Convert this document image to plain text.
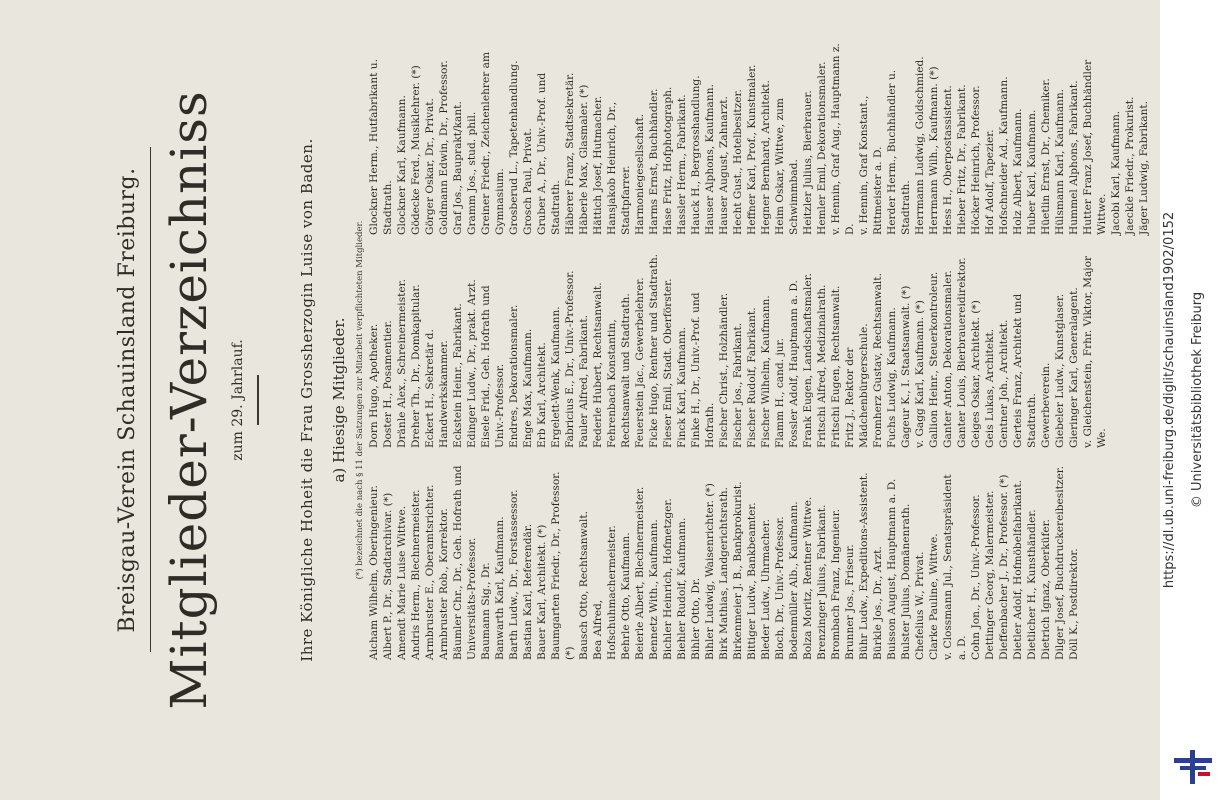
Breisgau-Verein Schauinsland Freiburg. Mitglieder-Verzeichniss zum 29. Jahrlauf.	Ihre Königliche Hoheit die Frau Grossherzogin Luise von Baden. a) Hiesige Mitglieder. (*) bezeichnet die nach § 11 der Satzungen zur Mitarbeit verpflichteten Mitglieder. Aicham Wilhelm, Oberingenieur. Albert P., Dr., Stadtarchivar. (*) Amendt Marie Luise Wittwe. Andris Herm., Blechnermeister. Armbruster E., Oberamtsrichter. Armbruster Rob., Korrektor. Bäumler Chr., Dr., Geh. Hofrath und Universitäts-Professor. Baumann Sig., Dr. Banwarth Karl, Kaufmann. Barth Ludw., Dr., Forstassessor. Bastian Karl, Referendär. Bauer Karl, Architekt. (*) Baumgarten Friedr., Dr., Professor. (*) Bausch Otto, Rechtsanwalt. Bea Alfred, Hofschuhmachermeister. Behrle Otto, Kaufmann. Beierle Albert, Blechnermeister. Bennetz With., Kaufmann. Bichler Heinrich, Hofmetzger. Biehler Rudolf, Kaufmann. Bihler Otto, Dr. Bihler Ludwig, Waisenrichter. (*) Birk Mathias, Landgerichtsrath. Birkenmeier J. B., Bankprokurist. Bittiger Ludw., Bankbeamter. Bleder Ludw., Uhrmacher. Bloch, Dr., Univ.-Professor. Bodenmüller Alb., Kaufmann. Bolza Moritz, Rentner Wittwe. Brenzinger Julius, Fabrikant. Brombach Franz, Ingenieur. Brunner Jos., Friseur. Bühr Ludw., Expeditions-Assistent. Bürkle Jos., Dr., Arzt. Buisson August, Hauptmann a. D. Bulster Julius, Domänenrath. Chefelius W., Privat. Clarke Pauline, Wittwe. v. Clossmann Jul., Senatspräsident a. D. Cohn Jon., Dr., Univ.-Professor. Dettinger Georg, Malermeister. Dieffenbacher J., Dr., Professor. (*) Dietler Adolf, Hofmöbelfabrikant. Dietlicher H., Kunsthändler. Dietrich Ignaz, Oberküfer. Dilger Josef, Buchdruckereibesitzer. Döll K., Postdirektor.
Dorn Hugo, Apotheker. Doster H., Posamentier. Dränle Alex., Schreinermeister. Dreher Th., Dr., Domkapitular. Eckert H., Sekretär d. Handwerkskammer. Eckstein Heinr., Fabrikant. Edinger Ludw., Dr., prakt. Arzt. Eisele Frid., Geh. Hofrath und Univ.-Professor. Endres, Dekorationsmaler. Enge Max, Kaufmann. Erb Karl, Architekt. Ergelett-Wenk, Kaufmann. Fabricius E., Dr., Univ.-Professor. Fauler Alfred, Fabrikant. Federle Hubert, Rechtsanwalt. Fehrenbach Konstantin, Rechtsanwalt und Stadtrath. Feuerstein Jac., Gewerbelehrer. Ficke Hugo, Rentner und Stadtrath. Fieser Emil, Stadt. Oberförster. Finck Karl, Kaufmann. Finke H., Dr., Univ.-Prof. und Hofrath. Fischer Christ., Holzhändler. Fischer Jos., Fabrikant. Fischer Rudolf, Fabrikant. Fischer Wilhelm, Kaufmann. Flamm H., cand. jur. Fossler Adolf, Hauptmann a. D. Frank Eugen, Landschaftsmaler. Fritschi Alfred, Medizinalrath. Fritschi Eugen, Rechtsanwalt. Fritz J., Rektor der Mädchenbürgerschule. Fromherz Gustav, Rechtsanwalt. Fuchs Ludwig, Kaufmann. Gageur K., I. Staatsanwalt. (*) v. Gagg Karl, Kaufmann. (*) Gallion Heinr., Steuerkontroleur. Ganter Anton, Dekorationsmaler. Ganter Louis, Bierbrauereidirektor. Geiges Oskar, Architekt. (*) Geis Lukas, Architekt. Gentner Joh., Architekt. Gerteis Franz, Architekt und Stadtrath. Gewerbeverein. Giebeler Ludw., Kunstglaser. Gieringer Karl, Generalagent. v. Gleichenstein, Frhr. Viktor, Major We.
Glockner Herm., Hutfabrikant u. Stadtrath. Glockner Karl, Kaufmann. Gödecke Ferd., Musiklehrer. (*) Görger Oskar, Dr., Privat. Goldmann Edwin, Dr., Professor. Graf Jos., Bauprakt/kant. Gramm Jos., stud. phil. Greiner Friedr., Zeichenlehrer am Gymnasium. Grosberud L., Tapetenhandlung. Grosch Paul, Privat. Gruber A., Dr., Univ.-Prof. und Stadtrath. Häberer Franz, Stadtsekretär. Häberle Max, Glasmaler. (*) Hättich Josef, Hutmacher. Hansjakob Heinrich, Dr., Stadtpfarrer. Harmoniegesellschaft. Harms Ernst, Buchhändler. Hase Fritz, Hofphotograph. Hassler Herm., Fabrikant. Hauck H., Bergrosshandlung. Hauser Alphons, Kaufmann. Hauser August, Zahnarzt. Hecht Gust., Hotelbesitzer. Heffner Karl, Prof., Kunstmaler. Hegner Bernhard, Architekt. Heim Oskar, Wittwe, zum Schwimmbad. Heitzler Julius, Bierbrauer. Hemler Emil, Dekorationsmaler. v. Hennin, Graf Aug., Hauptmann z. D. v. Hennin, Graf Konstant., Rittmeister a. D. Herder Herm., Buchhändler u. Stadtrath. Herrmann Ludwig, Goldschmied. Herrmann Wilh., Kaufmann. (*) Hess H., Oberpostassistent. Hieber Fritz, Dr., Fabrikant. Höcker Heinrich, Professor. Hof Adolf, Tapezier. Hofschneider Ad., Kaufmann. Holz Albert, Kaufmann. Huber Karl, Kaufmann. Hüetlin Ernst, Dr., Chemiker. Hülsmann Karl, Kaufmann. Hummel Alphons, Fabrikant. Hutter Franz Josef, Buchhändler Wittwe. Jacobi Karl, Kaufmann. Jaeckle Friedr., Prokurist. Jäger Ludwig, Fabrikant.
https://dl.ub.uni-freiburg.de/diglit/schauinsland1902/0152	© Universitätsbibliothek Freiburg
